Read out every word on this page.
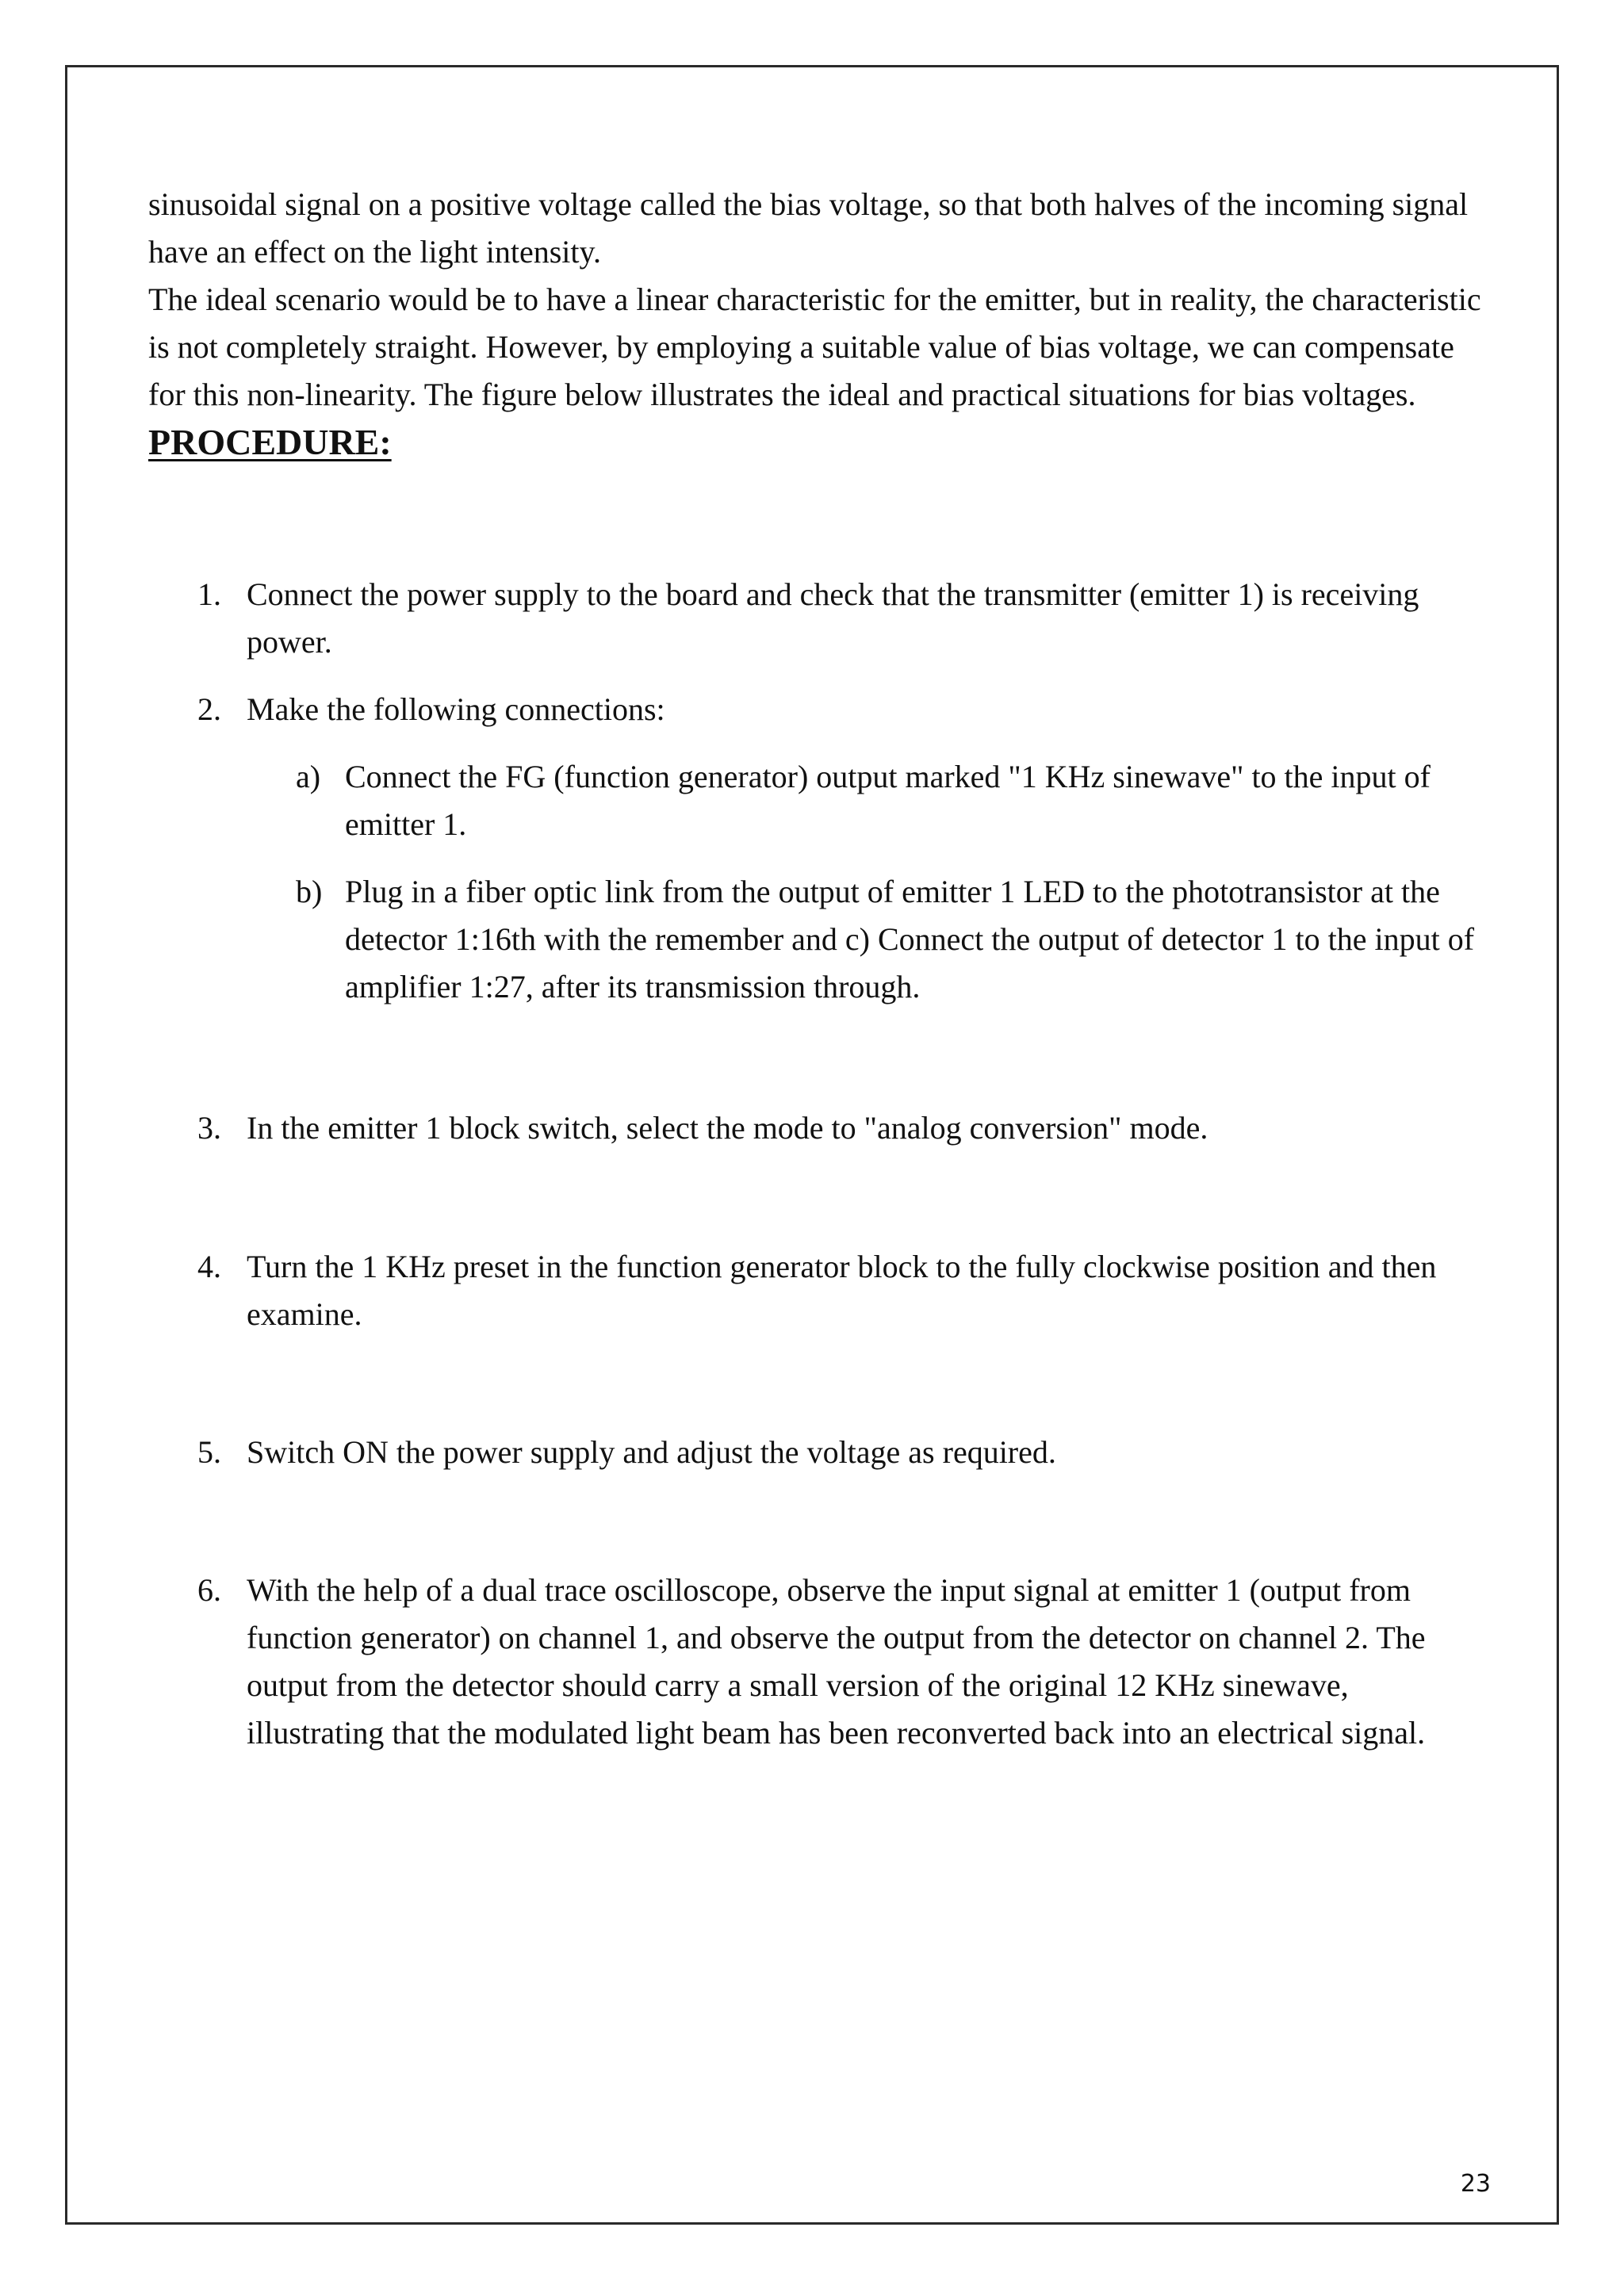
sinusoidal signal on a positive voltage called the bias voltage, so that both halves of the incoming signal have an effect on the light intensity.

The ideal scenario would be to have a linear characteristic for the emitter, but in reality, the characteristic is not completely straight. However, by employing a suitable value of bias voltage, we can compensate for this non-linearity. The figure below illustrates the ideal and practical situations for bias voltages.

PROCEDURE:
1. Connect the power supply to the board and check that the transmitter (emitter 1) is receiving power.
2. Make the following connections:
a) Connect the FG (function generator) output marked "1 KHz sinewave" to the input of emitter 1.
b) Plug in a fiber optic link from the output of emitter 1 LED to the phototransistor at the detector 1:16th with the remember and c) Connect the output of detector 1 to the input of amplifier 1:27, after its transmission through.
3. In the emitter 1 block switch, select the mode to "analog conversion" mode.
4. Turn the 1 KHz preset in the function generator block to the fully clockwise position and then examine.
5. Switch ON the power supply and adjust the voltage as required.
6. With the help of a dual trace oscilloscope, observe the input signal at emitter 1 (output from function generator) on channel 1, and observe the output from the detector on channel 2. The output from the detector should carry a small version of the original 12 KHz sinewave, illustrating that the modulated light beam has been reconverted back into an electrical signal.
23
